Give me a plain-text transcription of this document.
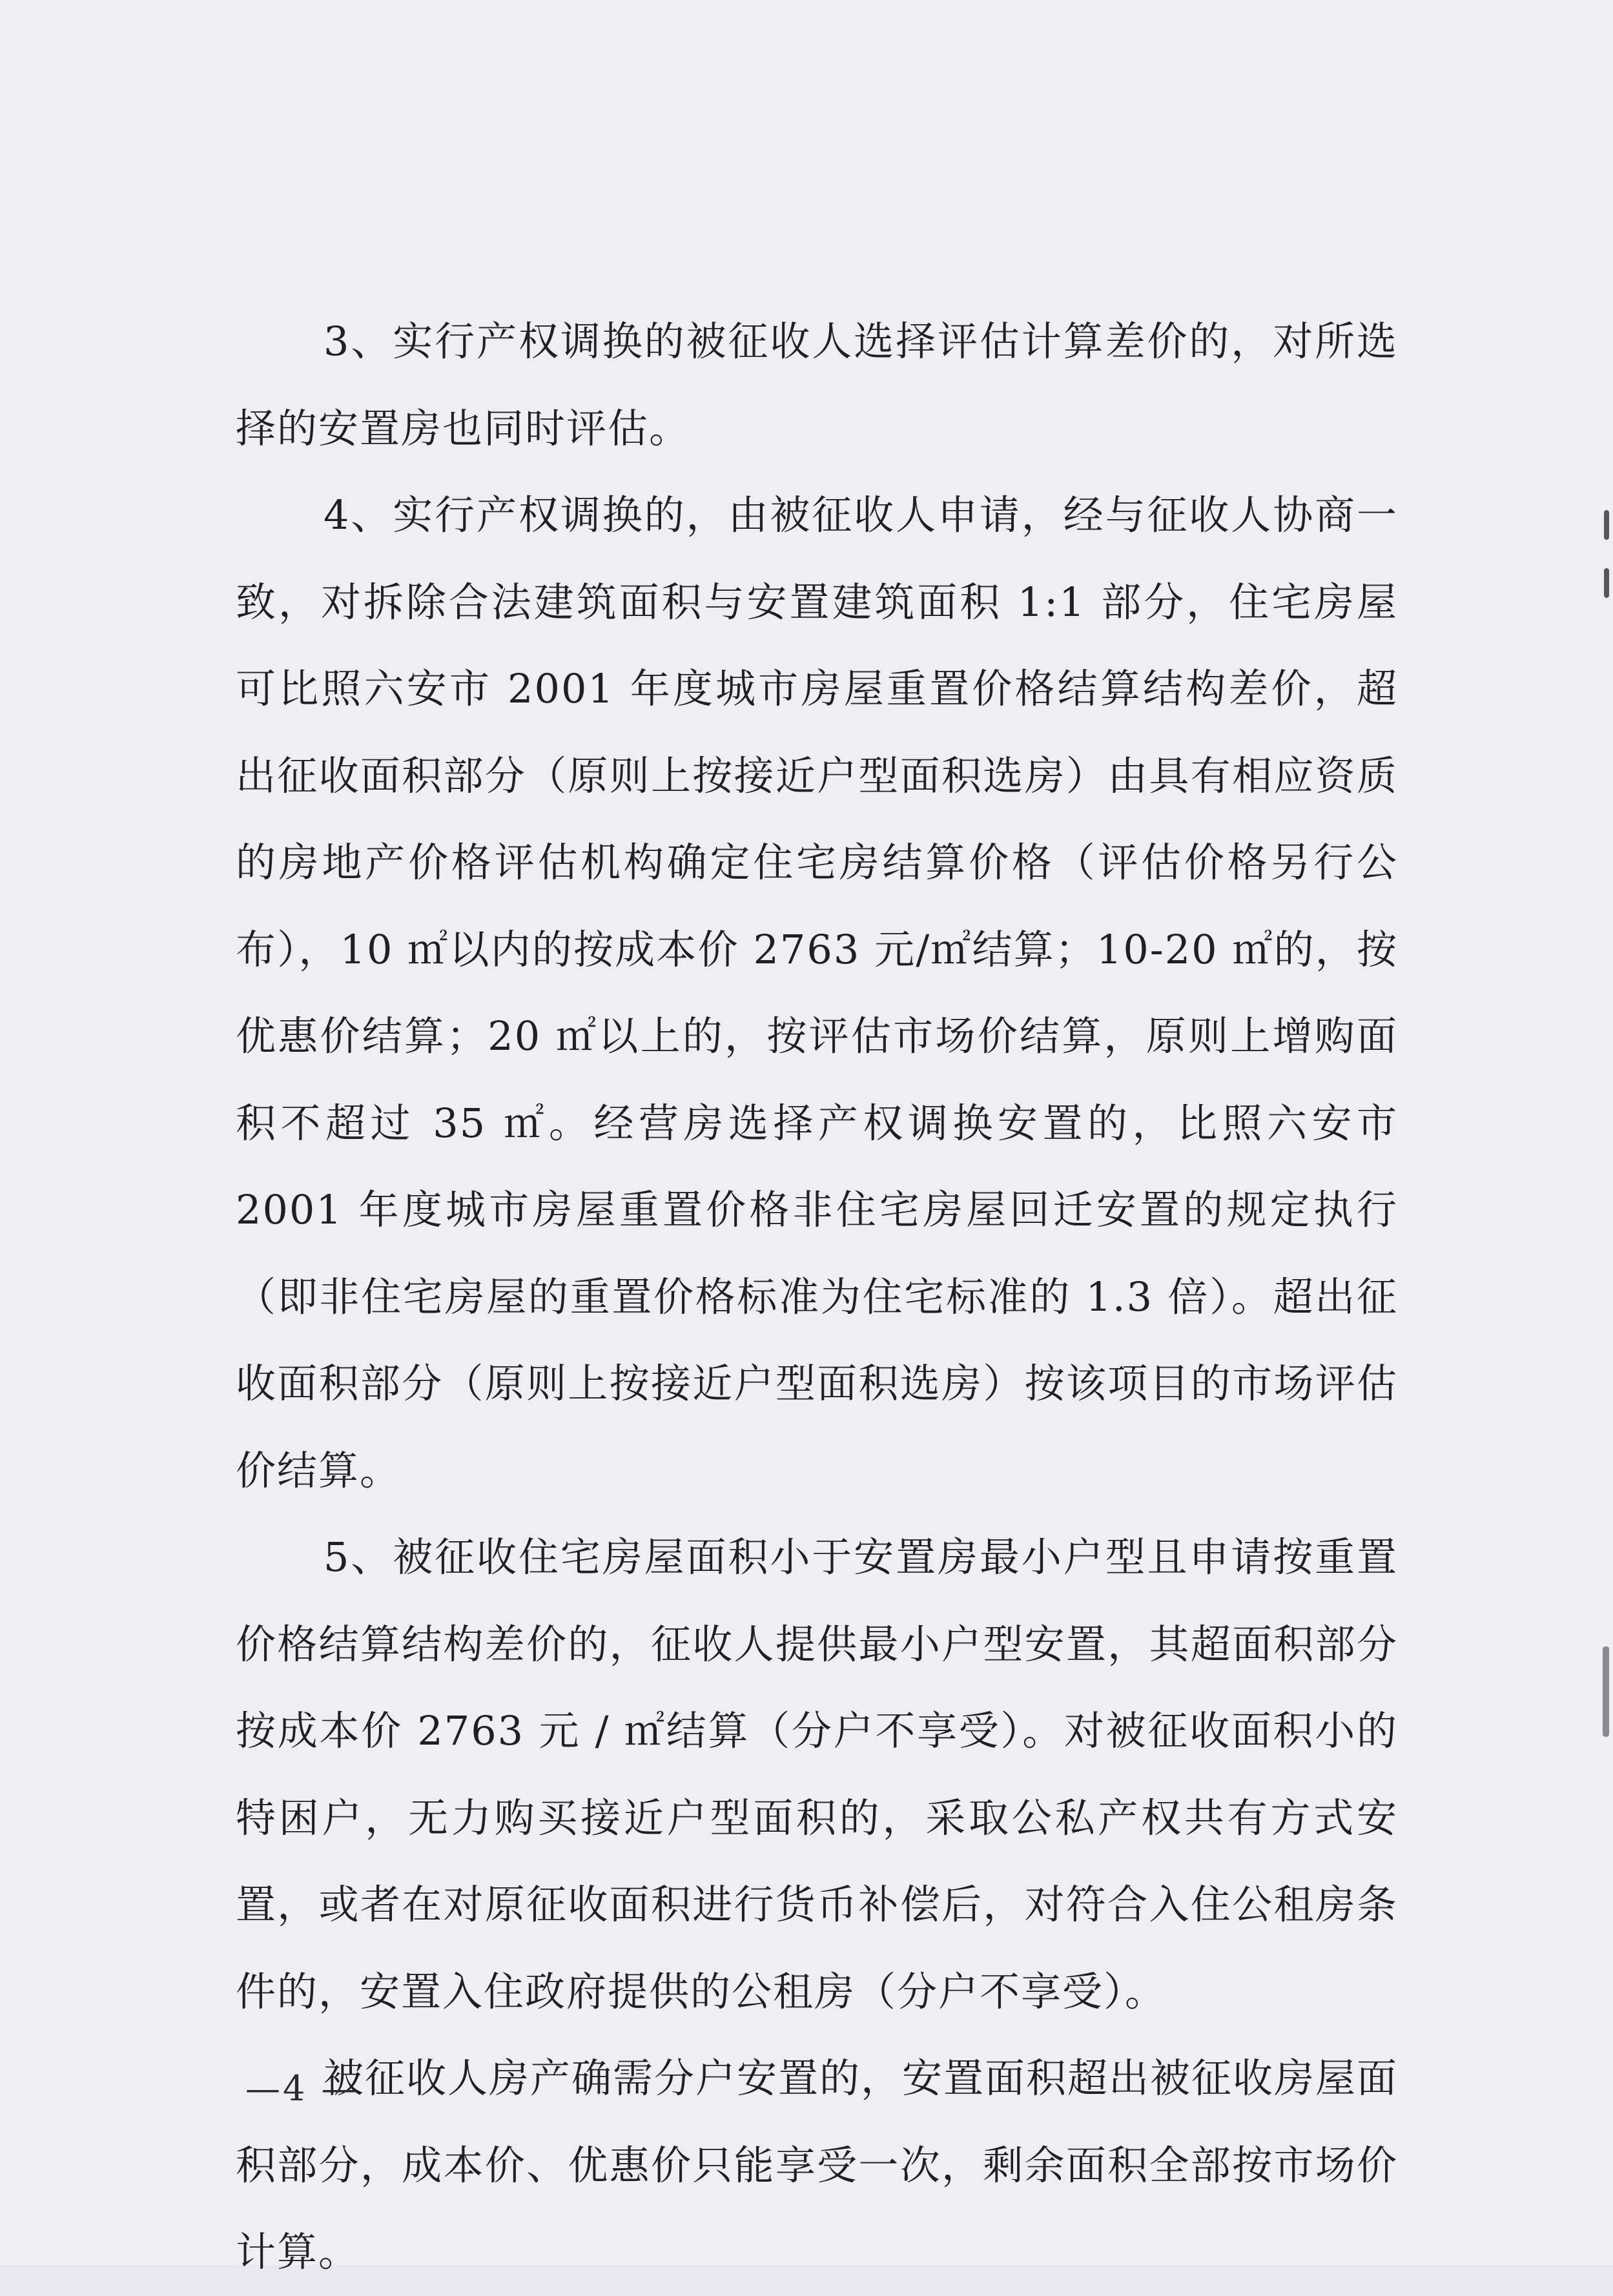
3、实行产权调换的被征收人选择评估计算差价的，对所选择的安置房也同时评估。

4、实行产权调换的，由被征收人申请，经与征收人协商一致，对拆除合法建筑面积与安置建筑面积 1:1 部分，住宅房屋可比照六安市 2001 年度城市房屋重置价格结算结构差价，超出征收面积部分（原则上按接近户型面积选房）由具有相应资质的房地产价格评估机构确定住宅房结算价格（评估价格另行公布），10 ㎡以内的按成本价 2763 元/㎡结算；10-20 ㎡的，按优惠价结算；20 ㎡以上的，按评估市场价结算，原则上增购面积不超过 35 ㎡。经营房选择产权调换安置的，比照六安市 2001 年度城市房屋重置价格非住宅房屋回迁安置的规定执行（即非住宅房屋的重置价格标准为住宅标准的 1.3 倍）。超出征收面积部分（原则上按接近户型面积选房）按该项目的市场评估价结算。

5、被征收住宅房屋面积小于安置房最小户型且申请按重置价格结算结构差价的，征收人提供最小户型安置，其超面积部分按成本价 2763 元 / ㎡结算（分户不享受）。对被征收面积小的特困户，无力购买接近户型面积的，采取公私产权共有方式安置，或者在对原征收面积进行货币补偿后，对符合入住公租房条件的，安置入住政府提供的公租房（分户不享受）。

被征收人房产确需分户安置的，安置面积超出被征收房屋面积部分，成本价、优惠价只能享受一次，剩余面积全部按市场价计算。

—4 —
